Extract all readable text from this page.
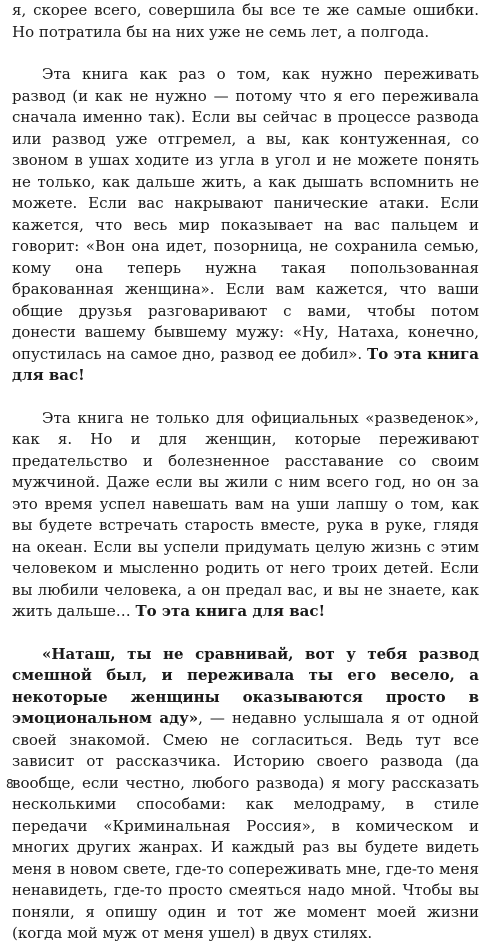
я, скорее всего, совершила бы все те же самые ошибки. Но потратила бы на них уже не семь лет, а полгода.

Эта книга как раз о том, как нужно переживать развод (и как не нужно — потому что я его переживала сначала именно так). Если вы сейчас в процессе развода или развод уже отгремел, а вы, как контуженная, со звоном в ушах ходите из угла в угол и не можете понять не только, как дальше жить, а как дышать вспомнить не можете. Если вас накрывают панические атаки. Если кажется, что весь мир показывает на вас пальцем и говорит: «Вон она идет, позорница, не сохранила семью, кому она теперь нужна такая попользованная бракованная женщина». Если вам кажется, что ваши общие друзья разговаривают с вами, чтобы потом донести вашему бывшему мужу: «Ну, Натаха, конечно, опустилась на самое дно, развод ее добил». То эта книга для вас!

Эта книга не только для официальных «разведенок», как я. Но и для женщин, которые переживают предательство и болезненное расставание со своим мужчиной. Даже если вы жили с ним всего год, но он за это время успел навешать вам на уши лапшу о том, как вы будете встречать старость вместе, рука в руке, глядя на океан. Если вы успели придумать целую жизнь с этим человеком и мысленно родить от него троих детей. Если вы любили человека, а он предал вас, и вы не знаете, как жить дальше… То эта книга для вас!

«Наташ, ты не сравнивай, вот у тебя развод смешной был, и переживала ты его весело, а некоторые женщины оказываются просто в эмоциональном аду», — недавно услышала я от одной своей знакомой. Смею не согласиться. Ведь тут все зависит от рассказчика. Историю своего развода (да вообще, если честно, любого развода) я могу рассказать несколькими способами: как мелодраму, в стиле передачи «Криминальная Россия», в комическом и многих других жанрах. И каждый раз вы будете видеть меня в новом свете, где-то сопереживать мне, где-то меня ненавидеть, где-то просто смеяться надо мной. Чтобы вы поняли, я опишу один и тот же момент моей жизни (когда мой муж от меня ушел) в двух стилях.

8
